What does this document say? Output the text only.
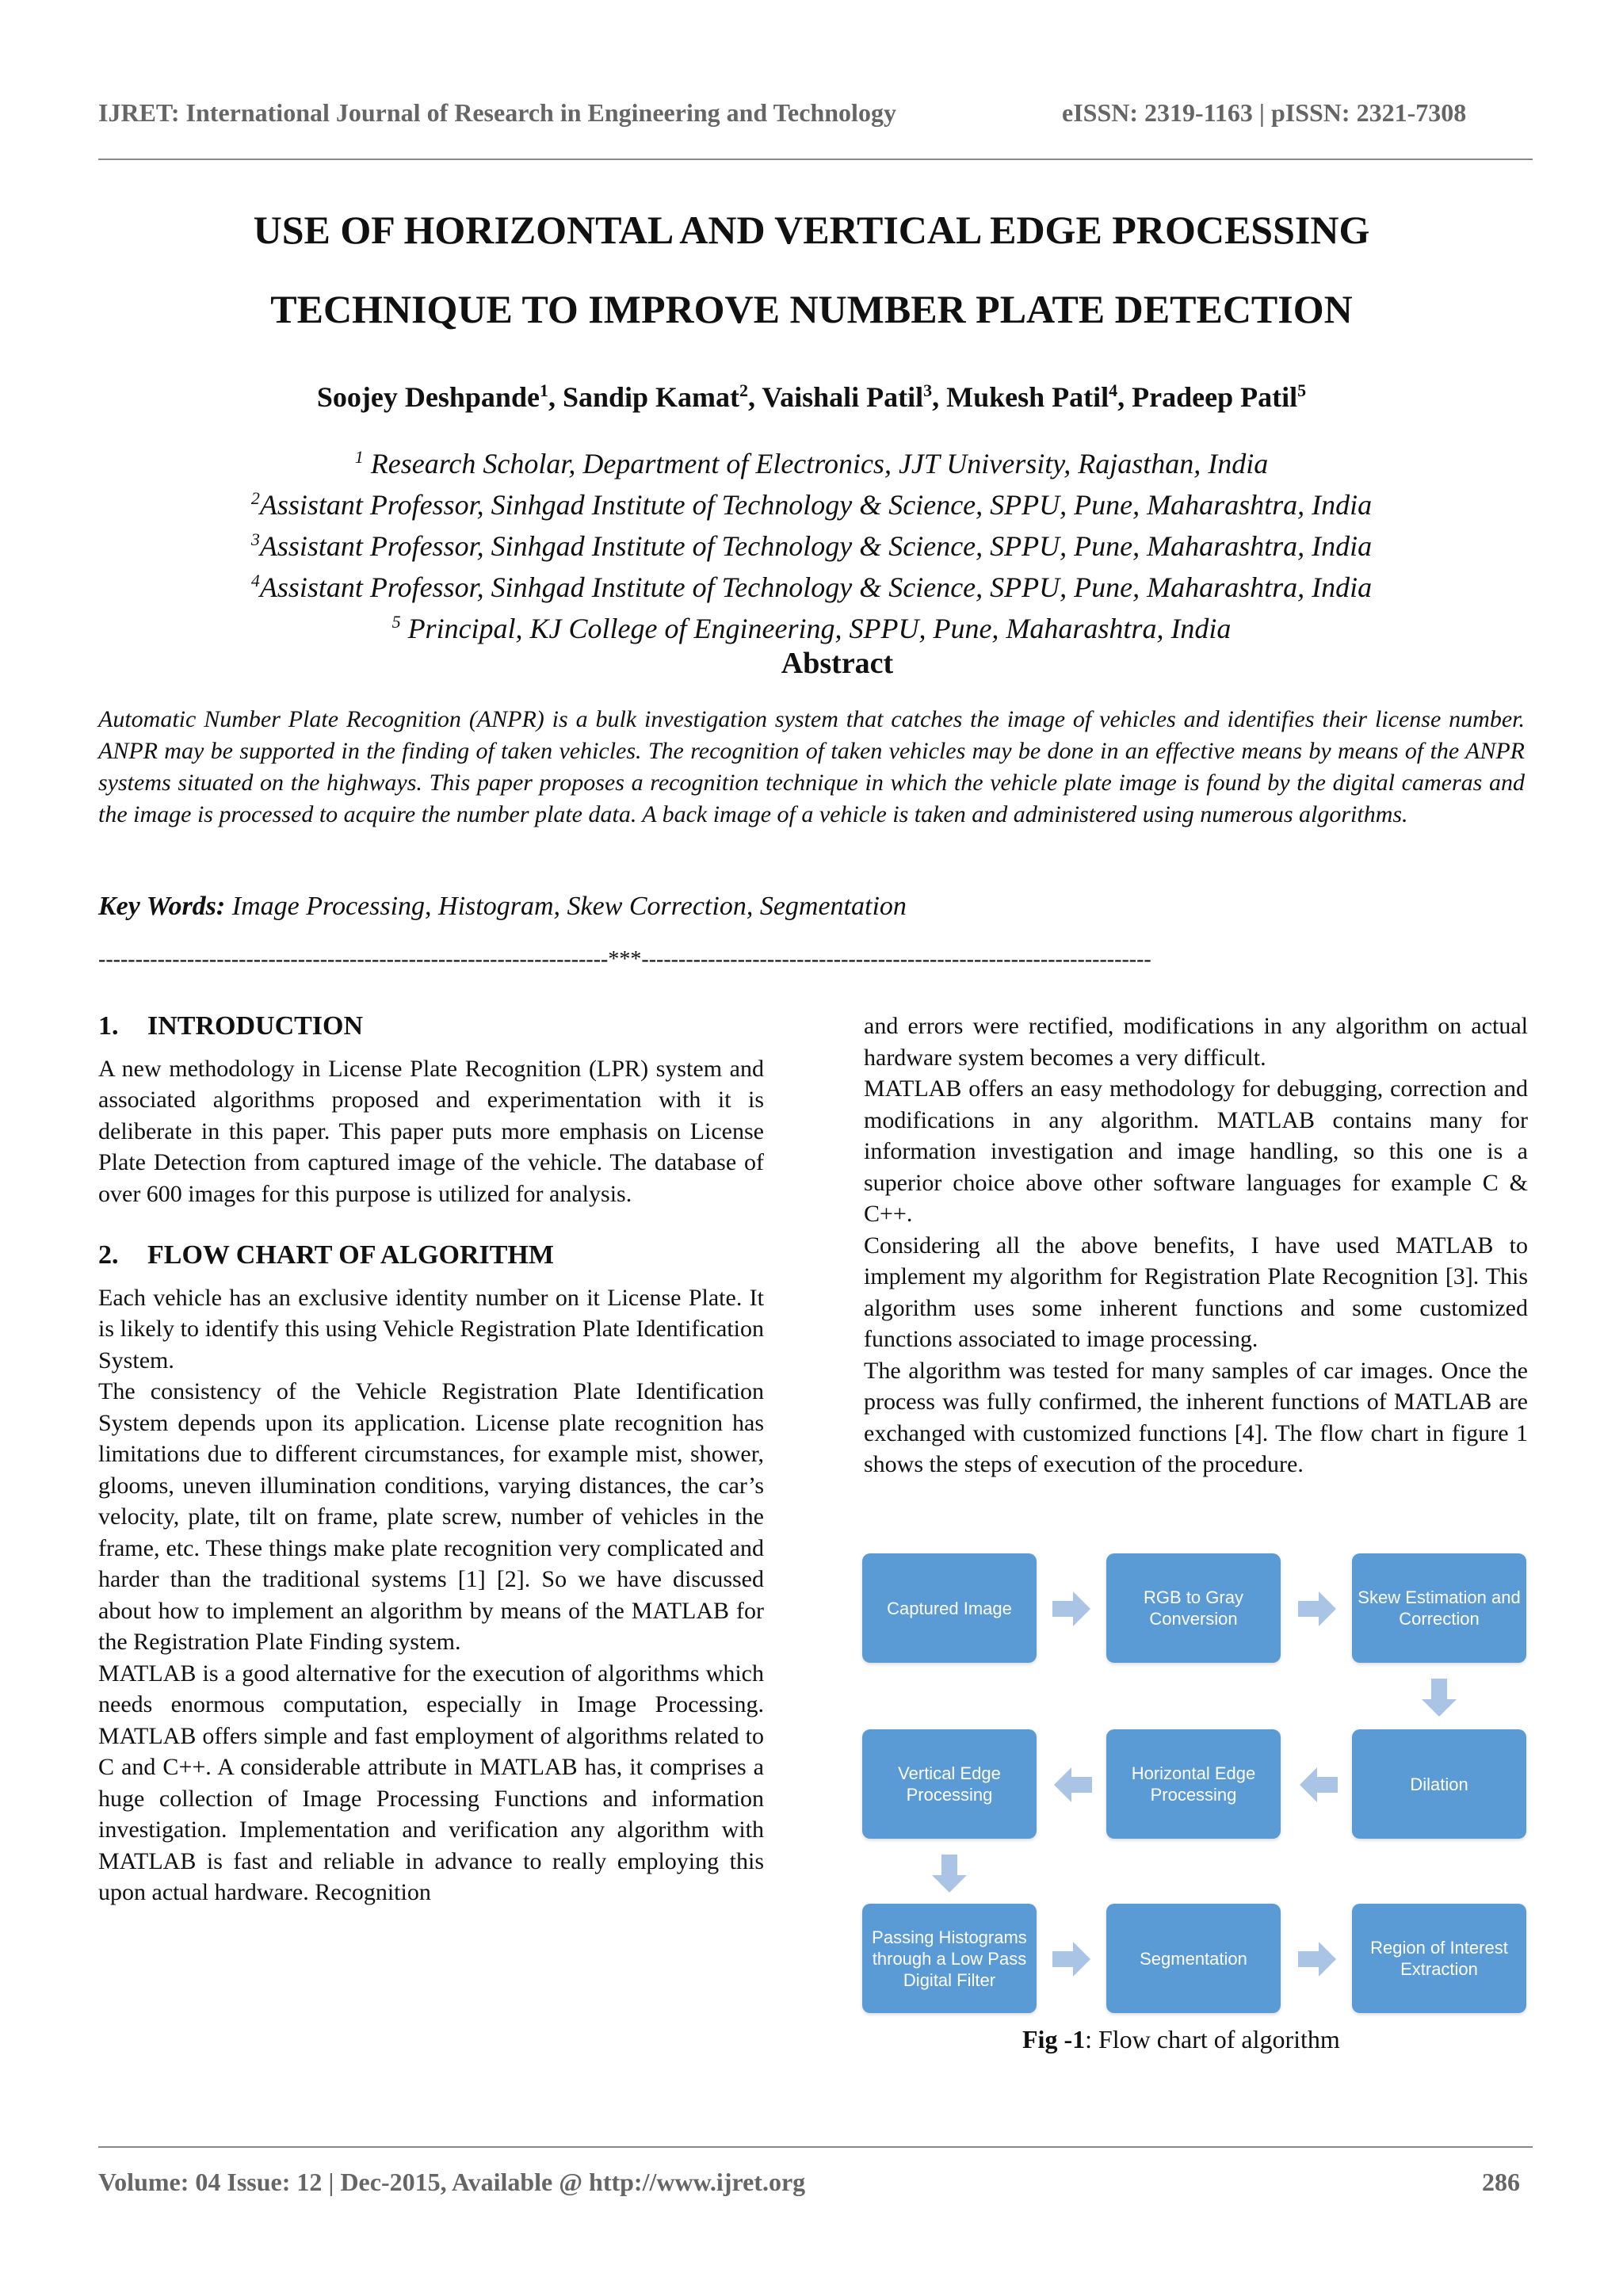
IJRET: International Journal of Research in Engineering and Technology	eISSN: 2319-1163 | pISSN: 2321-7308
USE OF HORIZONTAL AND VERTICAL EDGE PROCESSING
TECHNIQUE TO IMPROVE NUMBER PLATE DETECTION
Soojey Deshpande$^1$, Sandip Kamat$^2$, Vaishali Patil$^3$, Mukesh Patil$^4$, Pradeep Patil$^5$
$^1$ Research Scholar, Department of Electronics, JJT University, Rajasthan, India
$^2$Assistant Professor, Sinhgad Institute of Technology & Science, SPPU, Pune, Maharashtra, India
$^3$Assistant Professor, Sinhgad Institute of Technology & Science, SPPU, Pune, Maharashtra, India
$^4$Assistant Professor, Sinhgad Institute of Technology & Science, SPPU, Pune, Maharashtra, India
$^5$ Principal, KJ College of Engineering, SPPU, Pune, Maharashtra, India
Abstract
Automatic Number Plate Recognition (ANPR) is a bulk investigation system that catches the image of vehicles and identifies their license number. ANPR may be supported in the finding of taken vehicles. The recognition of taken vehicles may be done in an effective means by means of the ANPR systems situated on the highways. This paper proposes a recognition technique in which the vehicle plate image is found by the digital cameras and the image is processed to acquire the number plate data. A back image of a vehicle is taken and administered using numerous algorithms.
Key Words: Image Processing, Histogram, Skew Correction, Segmentation
---------------------------------------------------------------------***---------------------------------------------------------------------
1. INTRODUCTION

A new methodology in License Plate Recognition (LPR) system and associated algorithms proposed and experimentation with it is deliberate in this paper. This paper puts more emphasis on License Plate Detection from captured image of the vehicle. The database of over 600 images for this purpose is utilized for analysis.

2. FLOW CHART OF ALGORITHM

Each vehicle has an exclusive identity number on it License Plate. It is likely to identify this using Vehicle Registration Plate Identification System.

The consistency of the Vehicle Registration Plate Identification System depends upon its application. License plate recognition has limitations due to different circumstances, for example mist, shower, glooms, uneven illumination conditions, varying distances, the car’s velocity, plate, tilt on frame, plate screw, number of vehicles in the frame, etc. These things make plate recognition very complicated and harder than the traditional systems [1] [2]. So we have discussed about how to implement an algorithm by means of the MATLAB for the Registration Plate Finding system.

MATLAB is a good alternative for the execution of algorithms which needs enormous computation, especially in Image Processing. MATLAB offers simple and fast employment of algorithms related to C and C++. A considerable attribute in MATLAB has, it comprises a huge collection of Image Processing Functions and information investigation. Implementation and verification any algorithm with MATLAB is fast and reliable in advance to really employing this upon actual hardware. Recognition

and errors were rectified, modifications in any algorithm on actual hardware system becomes a very difficult.

MATLAB offers an easy methodology for debugging, correction and modifications in any algorithm. MATLAB contains many for information investigation and image handling, so this one is a superior choice above other software languages for example C & C++.

Considering all the above benefits, I have used MATLAB to implement my algorithm for Registration Plate Recognition [3]. This algorithm uses some inherent functions and some customized functions associated to image processing.

The algorithm was tested for many samples of car images. Once the process was fully confirmed, the inherent functions of MATLAB are exchanged with customized functions [4]. The flow chart in figure 1 shows the steps of execution of the procedure.

Captured Image
RGB to Gray Conversion
Skew Estimation and Correction
Dilation
Horizontal Edge Processing
Vertical Edge Processing
Passing Histograms through a Low Pass Digital Filter
Segmentation
Region of Interest Extraction
Fig -1: Flow chart of algorithm
Volume: 04 Issue: 12 | Dec-2015, Available @ http://www.ijret.org	286
